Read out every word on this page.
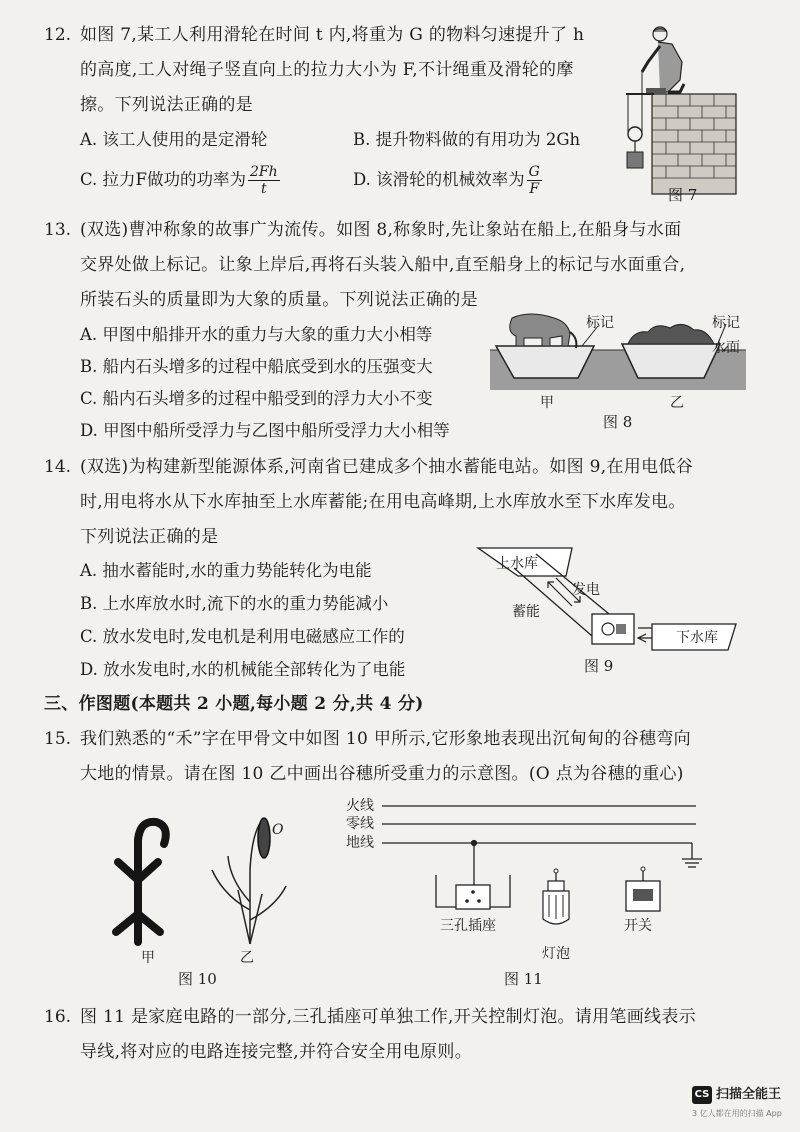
12. 如图 7,某工人利用滑轮在时间 t 内,将重为 G 的物料匀速提升了 h
的高度,工人对绳子竖直向上的拉力大小为 F,不计绳重及滑轮的摩
擦。下列说法正确的是
A. 该工人使用的是定滑轮	B. 提升物料做的有用功为 2Gh
C. 拉力F做功的功率为 $\frac{2Fh}{t}$	D. 该滑轮的机械效率为 $\frac{G}{F}$	图 7
13. (双选)曹冲称象的故事广为流传。如图 8,称象时,先让象站在船上,在船身与水面
交界处做上标记。让象上岸后,再将石头装入船中,直至船身上的标记与水面重合,
所装石头的质量即为大象的质量。下列说法正确的是
A. 甲图中船排开水的重力与大象的重力大小相等
B. 船内石头增多的过程中船底受到水的压强变大
C. 船内石头增多的过程中船受到的浮力大小不变
D. 甲图中船所受浮力与乙图中船所受浮力大小相等
标记	标记
水面
甲	乙
图 8
14. (双选)为构建新型能源体系,河南省已建成多个抽水蓄能电站。如图 9,在用电低谷
时,用电将水从下水库抽至上水库蓄能;在用电高峰期,上水库放水至下水库发电。
下列说法正确的是
A. 抽水蓄能时,水的重力势能转化为电能
B. 上水库放水时,流下的水的重力势能减小
C. 放水发电时,发电机是利用电磁感应工作的
D. 放水发电时,水的机械能全部转化为了电能
上水库
发电
蓄能
下水库
图 9
三、作图题(本题共 2 小题,每小题 2 分,共 4 分)
15. 我们熟悉的“禾”字在甲骨文中如图 10 甲所示,它形象地表现出沉甸甸的谷穗弯向
大地的情景。请在图 10 乙中画出谷穗所受重力的示意图。(O 点为谷穗的重心)
O
甲	乙
图 10
火线
零线
地线
三孔插座
灯泡
开关
图 11
16. 图 11 是家庭电路的一部分,三孔插座可单独工作,开关控制灯泡。请用笔画线表示
导线,将对应的电路连接完整,并符合安全用电原则。
CS 扫描全能王
3 亿人都在用的扫描 App
